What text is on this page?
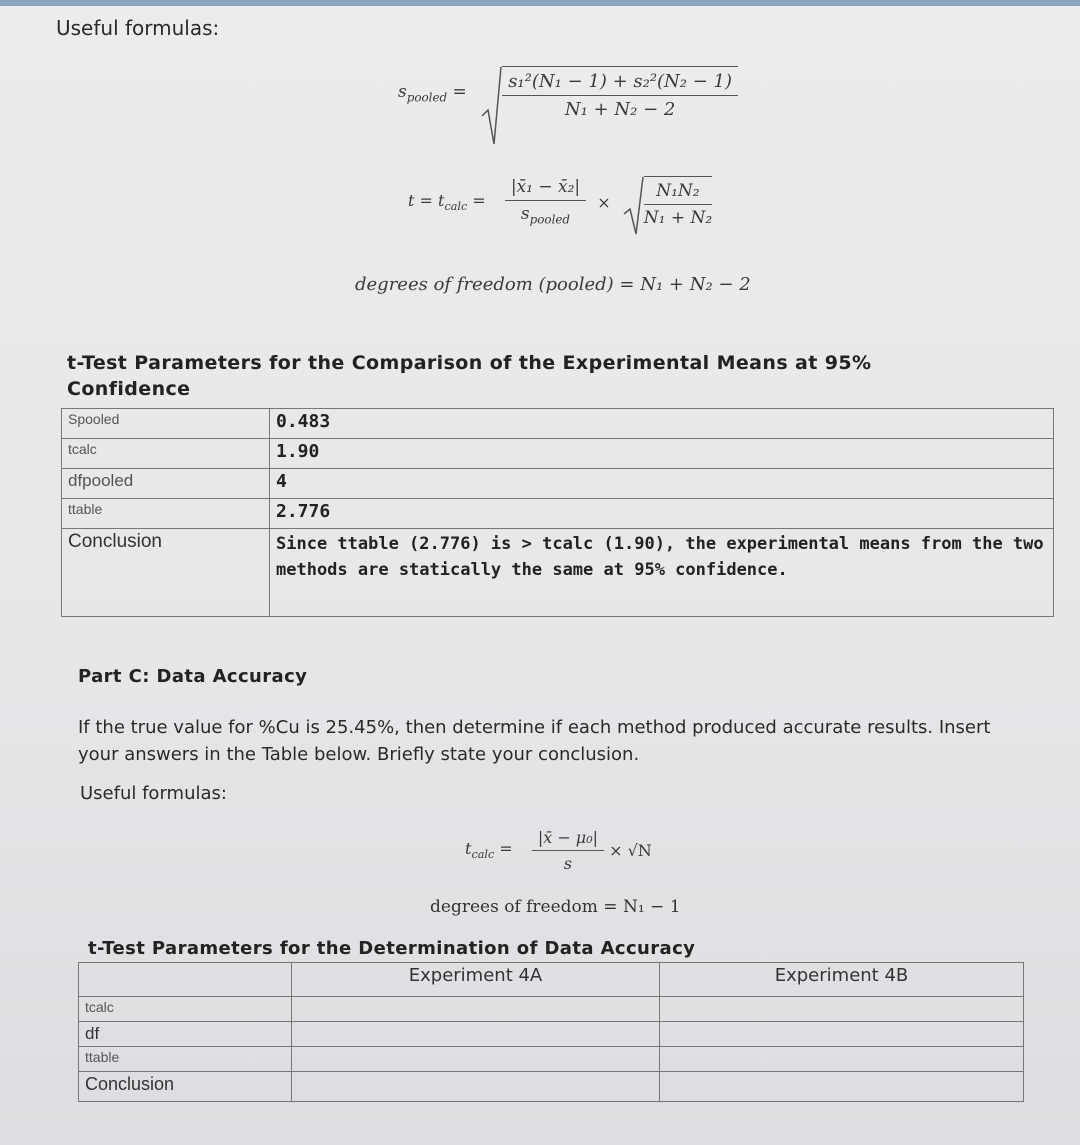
Useful formulas:
$s_{pooled} = \frac{\text{s₁²(N₁ − 1) + s₂²(N₂ − 1)}}{\text{N₁ + N₂ − 2}}$
$t = t_{calc} = \frac{\text{|x̄₁ − x̄₂|}}{s_{pooled}} \times \frac{\text{N₁N₂}}{\text{N₁ + N₂}}$
degrees of freedom (pooled) = N₁ + N₂ − 2
t-Test Parameters for the Comparison of the Experimental Means at 95% Confidence
Spooled	0.483
tcalc	1.90
dfpooled	4
ttable	2.776
Conclusion	Since ttable (2.776) is > tcalc (1.90), the experimental means from the two methods are statically the same at 95% confidence.
Part C: Data Accuracy
If the true value for %Cu is 25.45%, then determine if each method produced accurate results. Insert your answers in the Table below. Briefly state your conclusion.
Useful formulas:
$t_{calc} = \frac{\text{|x̄ − μ₀|}}{s} \times √N$
degrees of freedom = N₁ − 1
t-Test Parameters for the Determination of Data Accuracy
	Experiment 4A	Experiment 4B
tcalc		
df		
ttable		
Conclusion		
